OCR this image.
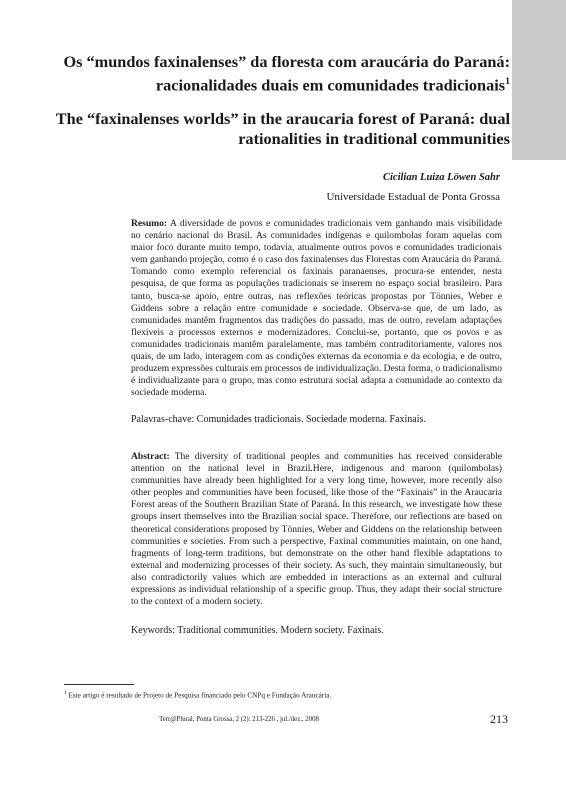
Os “mundos faxinalenses” da floresta com araucária do Paraná: racionalidades duais em comunidades tradicionais$^1$
The “faxinalenses worlds” in the araucaria forest of Paraná: dual rationalities in traditional communities
Cicilian Luiza Löwen Sahr
Universidade Estadual de Ponta Grossa

Resumo: A diversidade de povos e comunidades tradicionais vem ganhando mais visibilidade no cenário nacional do Brasil. As comunidades indígenas e quilombolas foram aquelas com maior foco durante muito tempo, todavia, atualmente outros povos e comunidades tradicionais vem ganhando projeção, como é o caso dos faxinalenses das Florestas com Araucária do Paraná. Tomando como exemplo referencial os faxinais paranaenses, procura-se entender, nesta pesquisa, de que forma as populações tradicionais se inserem no espaço social brasileiro. Para tanto, busca-se apoio, entre outras, nas reflexões teóricas propostas por Tönnies, Weber e Giddens sobre a relação entre comunidade e sociedade. Observa-se que, de um lado, as comunidades mantêm fragmentos das tradições do passado, mas de outro, revelam adaptações flexíveis a processos externos e modernizadores. Conclui-se, portanto, que os povos e as comunidades tradicionais mantêm paralelamente, mas também contraditoriamente, valores nos quais, de um lado, interagem com as condições externas da economia e da ecologia, e de outro, produzem expressões culturais em processos de individualização. Desta forma, o tradicionalismo é individualizante para o grupo, mas como estrutura social adapta a comunidade ao contexto da sociedade moderna.

Palavras-chave: Comunidades tradicionais. Sociedade moderna. Faxinais.

Abstract: The diversity of traditional peoples and communities has received considerable attention on the national level in Brazil.Here, indigenous and maroon (quilombolas) communities have already been highlighted for a very long time, however, more recently also other peoples and communities have been focused, like those of the “Faxinais” in the Araucaria Forest areas of the Southern Brazilian State of Paraná. In this research, we investigate how these groups insert themselves into the Brazilian social space. Therefore, our reflections are based on theoretical considerations proposed by Tönnies, Weber and Giddens on the relationship between communities e societies. From such a perspective, Faxinal communities maintain, on one hand, fragments of long-term traditions, but demonstrate on the other hand flexible adaptations to external and modernizing processes of their society. As such, they maintain simultaneously, but also contradictorily values which are embedded in interactions as an external and cultural expressions as individual relationship of a specific group. Thus, they adapt their social structure to the context of a modern society.

Keywords: Traditional communities. Modern society. Faxinais.
$^1$ Este artigo é resultado de Projeto de Pesquisa financiado pelo CNPq e Fundação Araucária.
Terr@Plural, Ponta Grossa, 2 (2): 213-226 , jul./dez., 2008	213
